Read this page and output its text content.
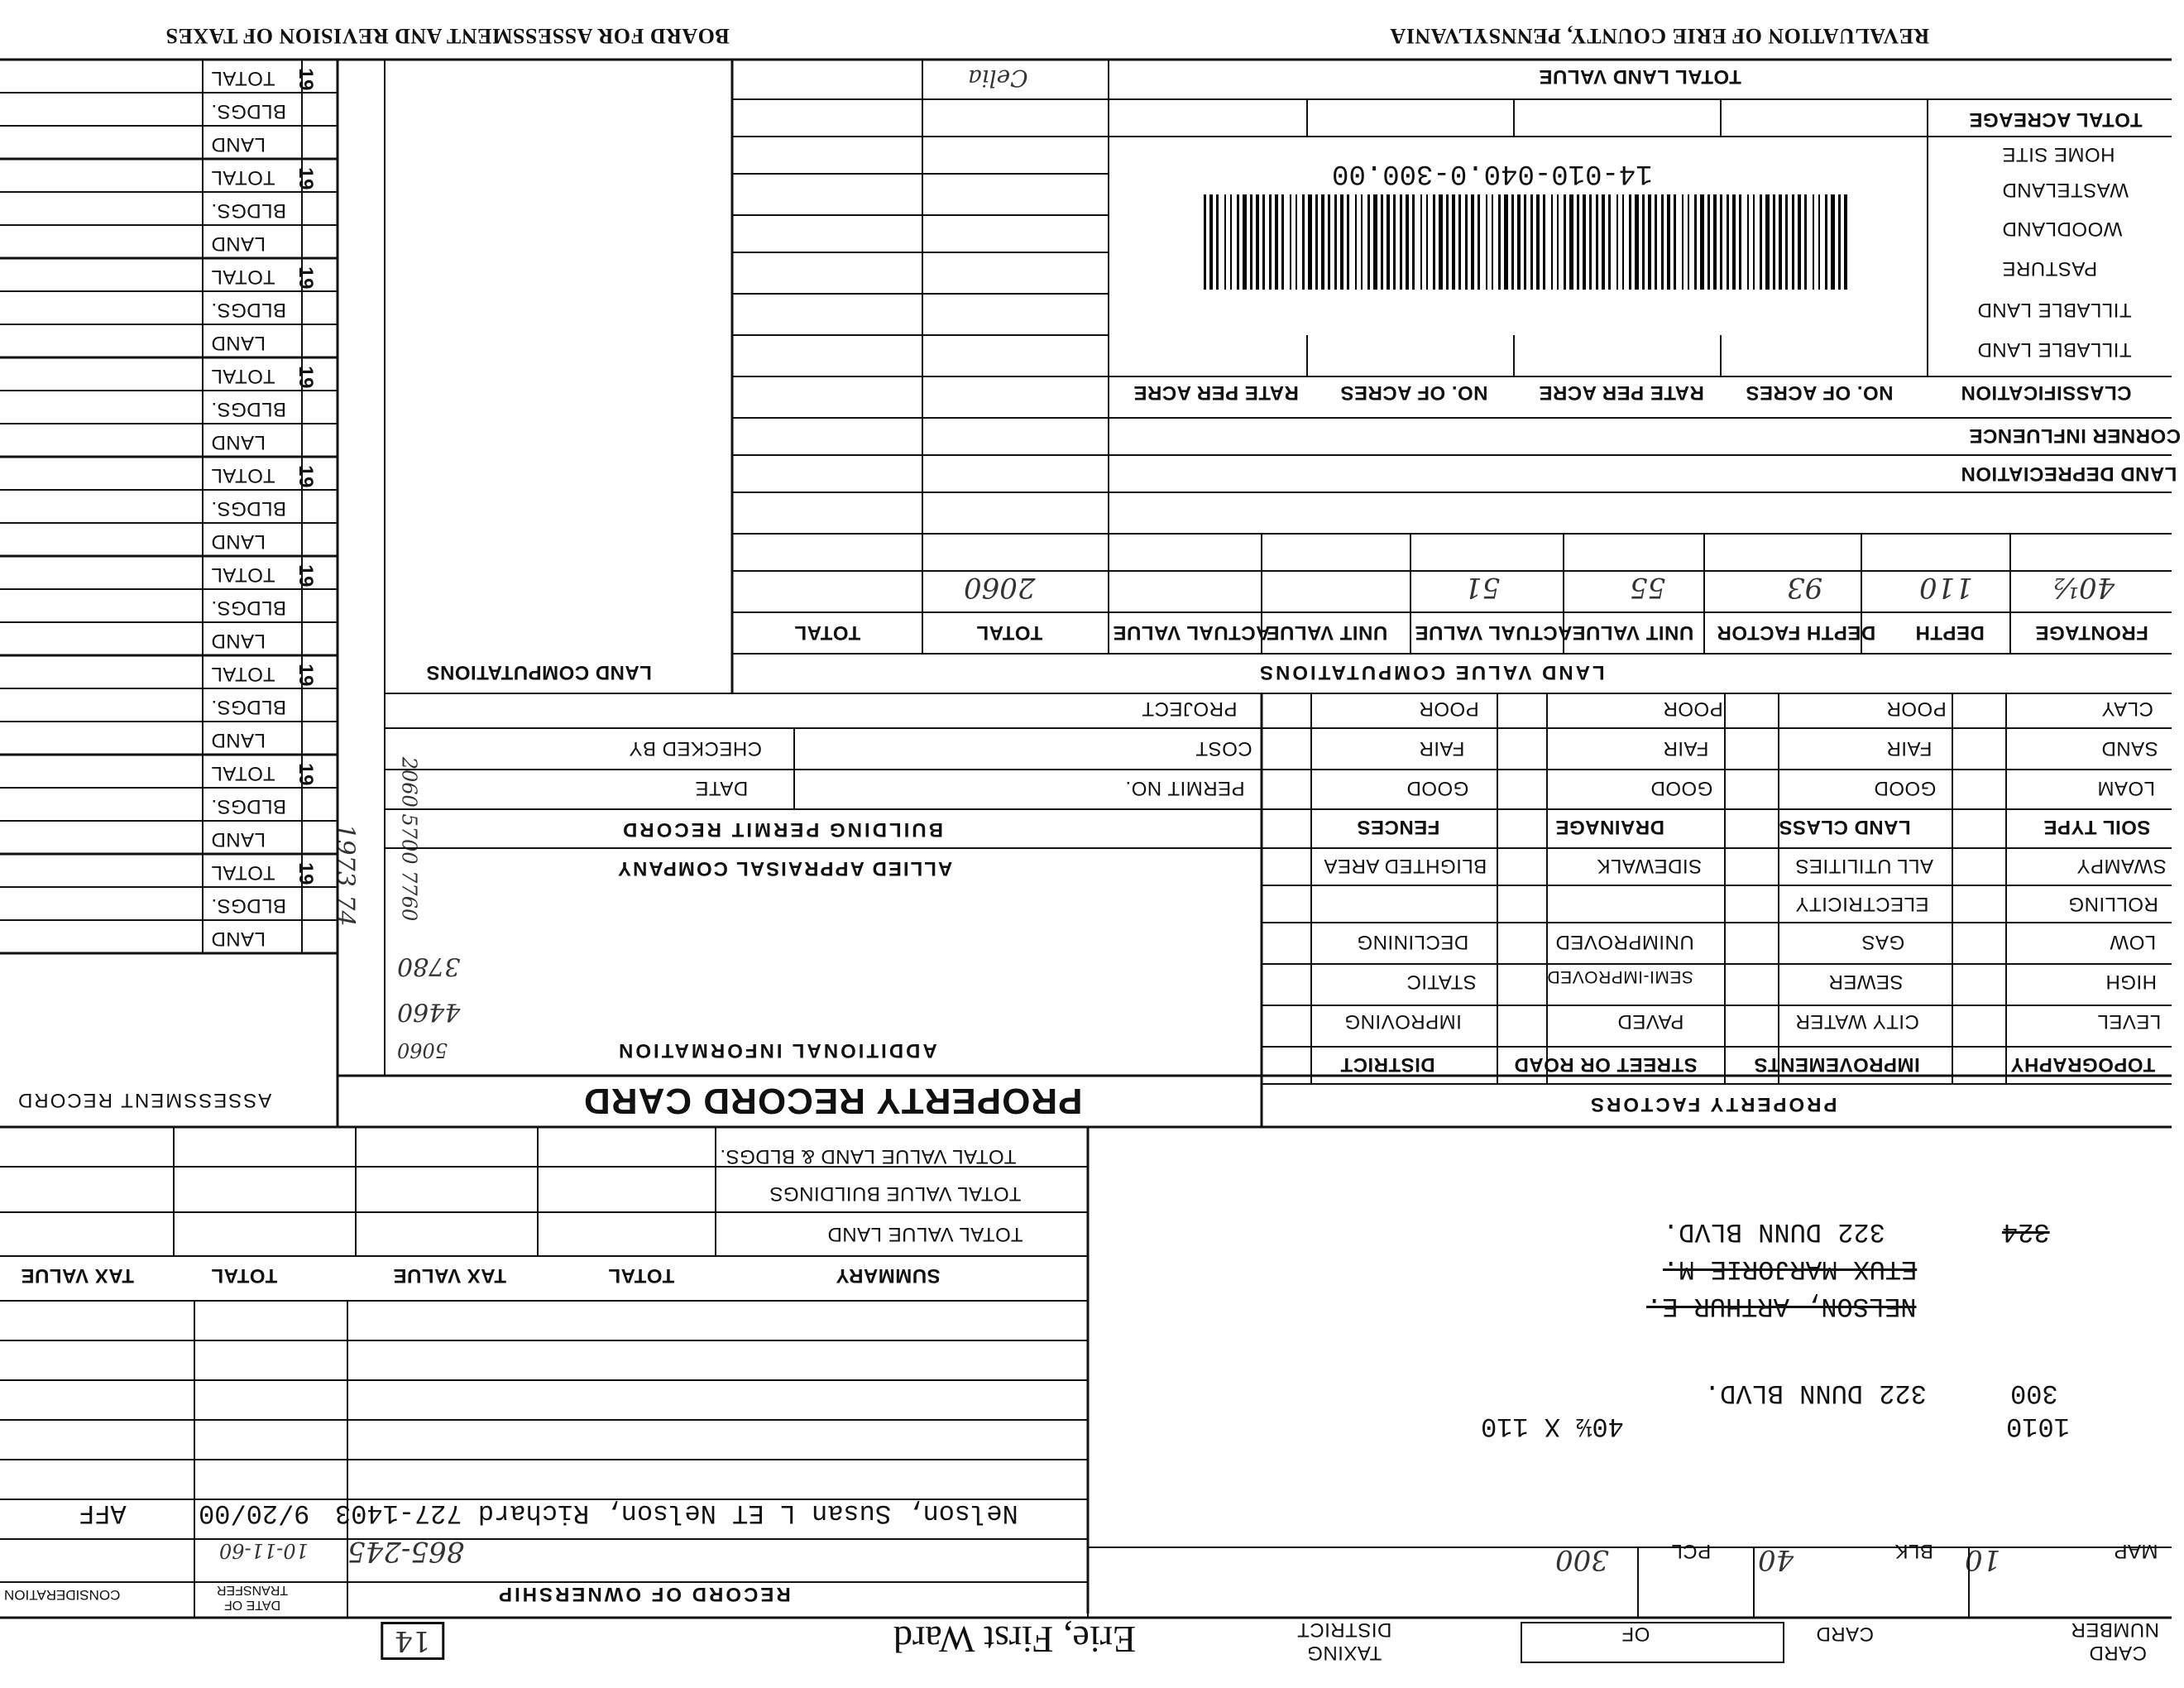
REVALUATION OF ERIE COUNTY, PENNSYLVANIA
BOARD FOR ASSESSMENT AND REVISION OF TAXES
TOTAL LAND VALUE
Celia
TOTAL ACREAGE
HOME SITE
WASTELAND
WOODLAND
PASTURE
TILLABLE LAND
TILLABLE LAND
CLASSIFICATION
NO. OF ACRES
RATE PER ACRE
NO. OF ACRES
RATE PER ACRE
CORNER INFLUENCE
LAND DEPRECIATION
14-010-040.0-300.00
FRONTAGE
DEPTH
DEPTH FACTOR
UNIT VALUE
ACTUAL VALUE
UNIT VALUE
ACTUAL VALUE
TOTAL
TOTAL
40½
110
93
55
51
2060
LAND VALUE COMPUTATIONS
LAND COMPUTATIONS
CLAY
SAND
LOAM
SOIL TYPE
LAND CLASS
DRAINAGE
FENCES
POOR
FAIR
GOOD
POOR
FAIR
GOOD
POOR
FAIR
GOOD
SWAMPY
ROLLING
LOW
HIGH
LEVEL
ALL UTILITIES
ELECTRICITY
GAS
SEWER
CITY WATER
SIDEWALK
UNIMPROVED
SEMI-IMPROVED
PAVED
BLIGHTED AREA
DECLINING
STATIC
IMPROVING
TOPOGRAPHY
IMPROVEMENTS
STREET OR ROAD
DISTRICT
PROPERTY FACTORS
PROJECT
COST
CHECKED BY
PERMIT NO.
DATE
BUILDING PERMIT RECORD
ALLIED APPRAISAL COMPANY
ADDITIONAL INFORMATION
5060
4460
3780
PROPERTY RECORD CARD
ASSESSMENT RECORD
1973 74 2060 5700 7760
TOTAL
BLDGS.
LAND
19
TOTAL
BLDGS.
LAND
19
TOTAL
BLDGS.
LAND
19
TOTAL
BLDGS.
LAND
19
TOTAL
BLDGS.
LAND
19
TOTAL
BLDGS.
LAND
19
TOTAL
BLDGS.
LAND
19
TOTAL
BLDGS.
LAND
19
TOTAL
BLDGS.
LAND
19
SUMMARY
TOTAL
TAX VALUE
TOTAL
TAX VALUE
TOTAL VALUE LAND
TOTAL VALUE BUILDINGS
TOTAL VALUE LAND & BLDGS.
322 DUNN BLVD.	324
ETUX MARJORIE M.
NELSON, ARTHUR E.
322 DUNN BLVD.	300
1010
40½ X 110
Nelson, Susan L ET Nelson, Richard 727-1403
9/20/00
AFF
865-245
10-11-60
RECORD OF OWNERSHIP
DATE OF TRANSFER
CONSIDERATION
CARD NUMBER
CARD
OF
TAXING DISTRICT
Erie, First Ward
14
MAP
10
BLK
40
PCL
300
